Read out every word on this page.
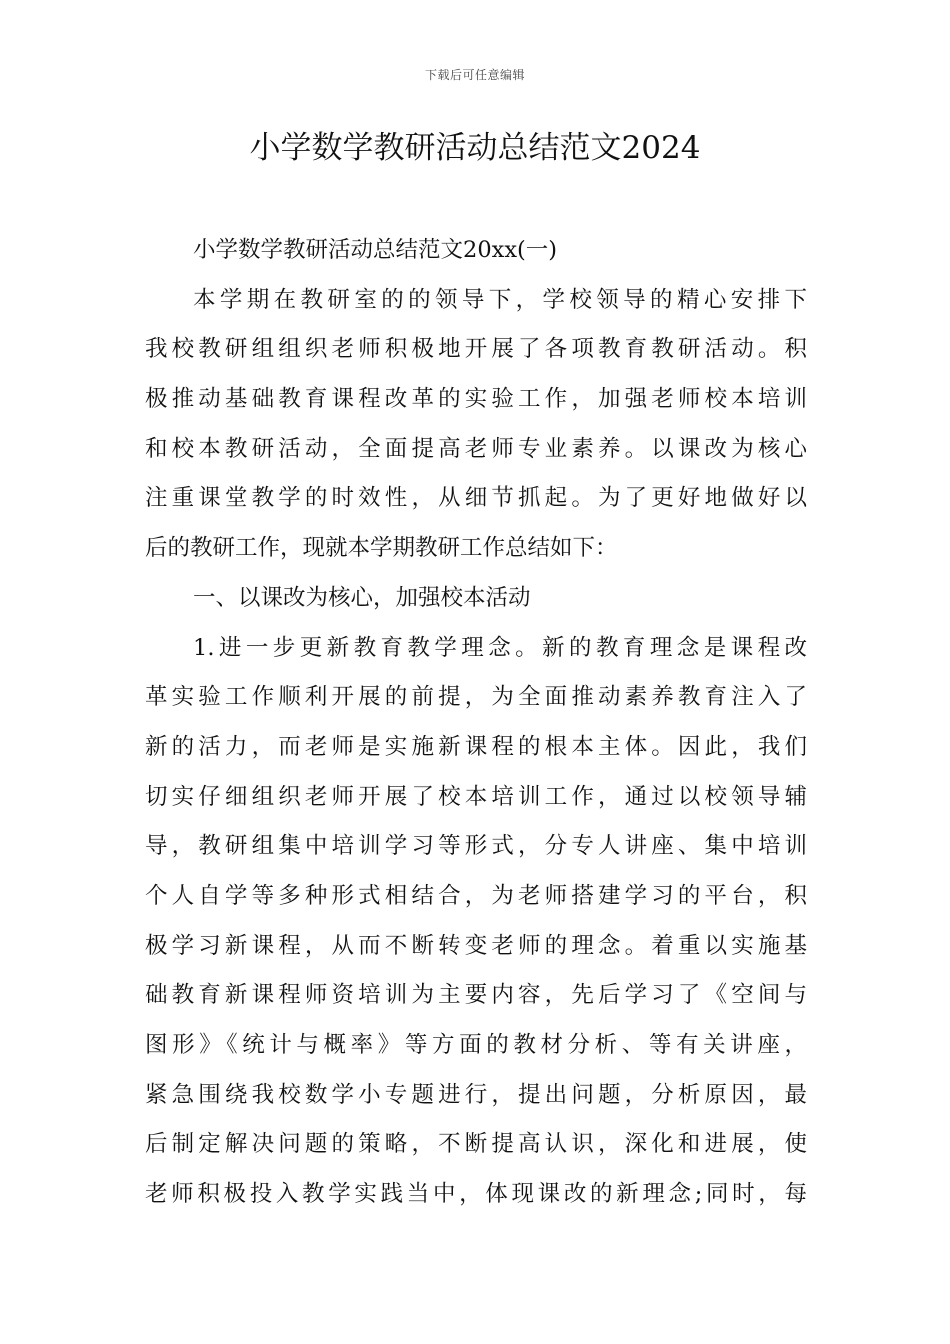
下载后可任意编辑
小学数学教研活动总结范文2024
小学数学教研活动总结范文20xx(一)
本学期在教研室的的领导下，学校领导的精心安排下
我校教研组组织老师积极地开展了各项教育教研活动。积
极推动基础教育课程改革的实验工作，加强老师校本培训
和校本教研活动，全面提高老师专业素养。以课改为核心
注重课堂教学的时效性，从细节抓起。为了更好地做好以
后的教研工作，现就本学期教研工作总结如下：
一、以课改为核心，加强校本活动
1.进一步更新教育教学理念。新的教育理念是课程改
革实验工作顺利开展的前提，为全面推动素养教育注入了
新的活力，而老师是实施新课程的根本主体。因此，我们
切实仔细组织老师开展了校本培训工作，通过以校领导辅
导，教研组集中培训学习等形式，分专人讲座、集中培训
个人自学等多种形式相结合，为老师搭建学习的平台，积
极学习新课程，从而不断转变老师的理念。着重以实施基
础教育新课程师资培训为主要内容，先后学习了《空间与
图形》《统计与概率》等方面的教材分析、等有关讲座，
紧急围绕我校数学小专题进行，提出问题，分析原因，最
后制定解决问题的策略，不断提高认识，深化和进展，使
老师积极投入教学实践当中，体现课改的新理念;同时，每
